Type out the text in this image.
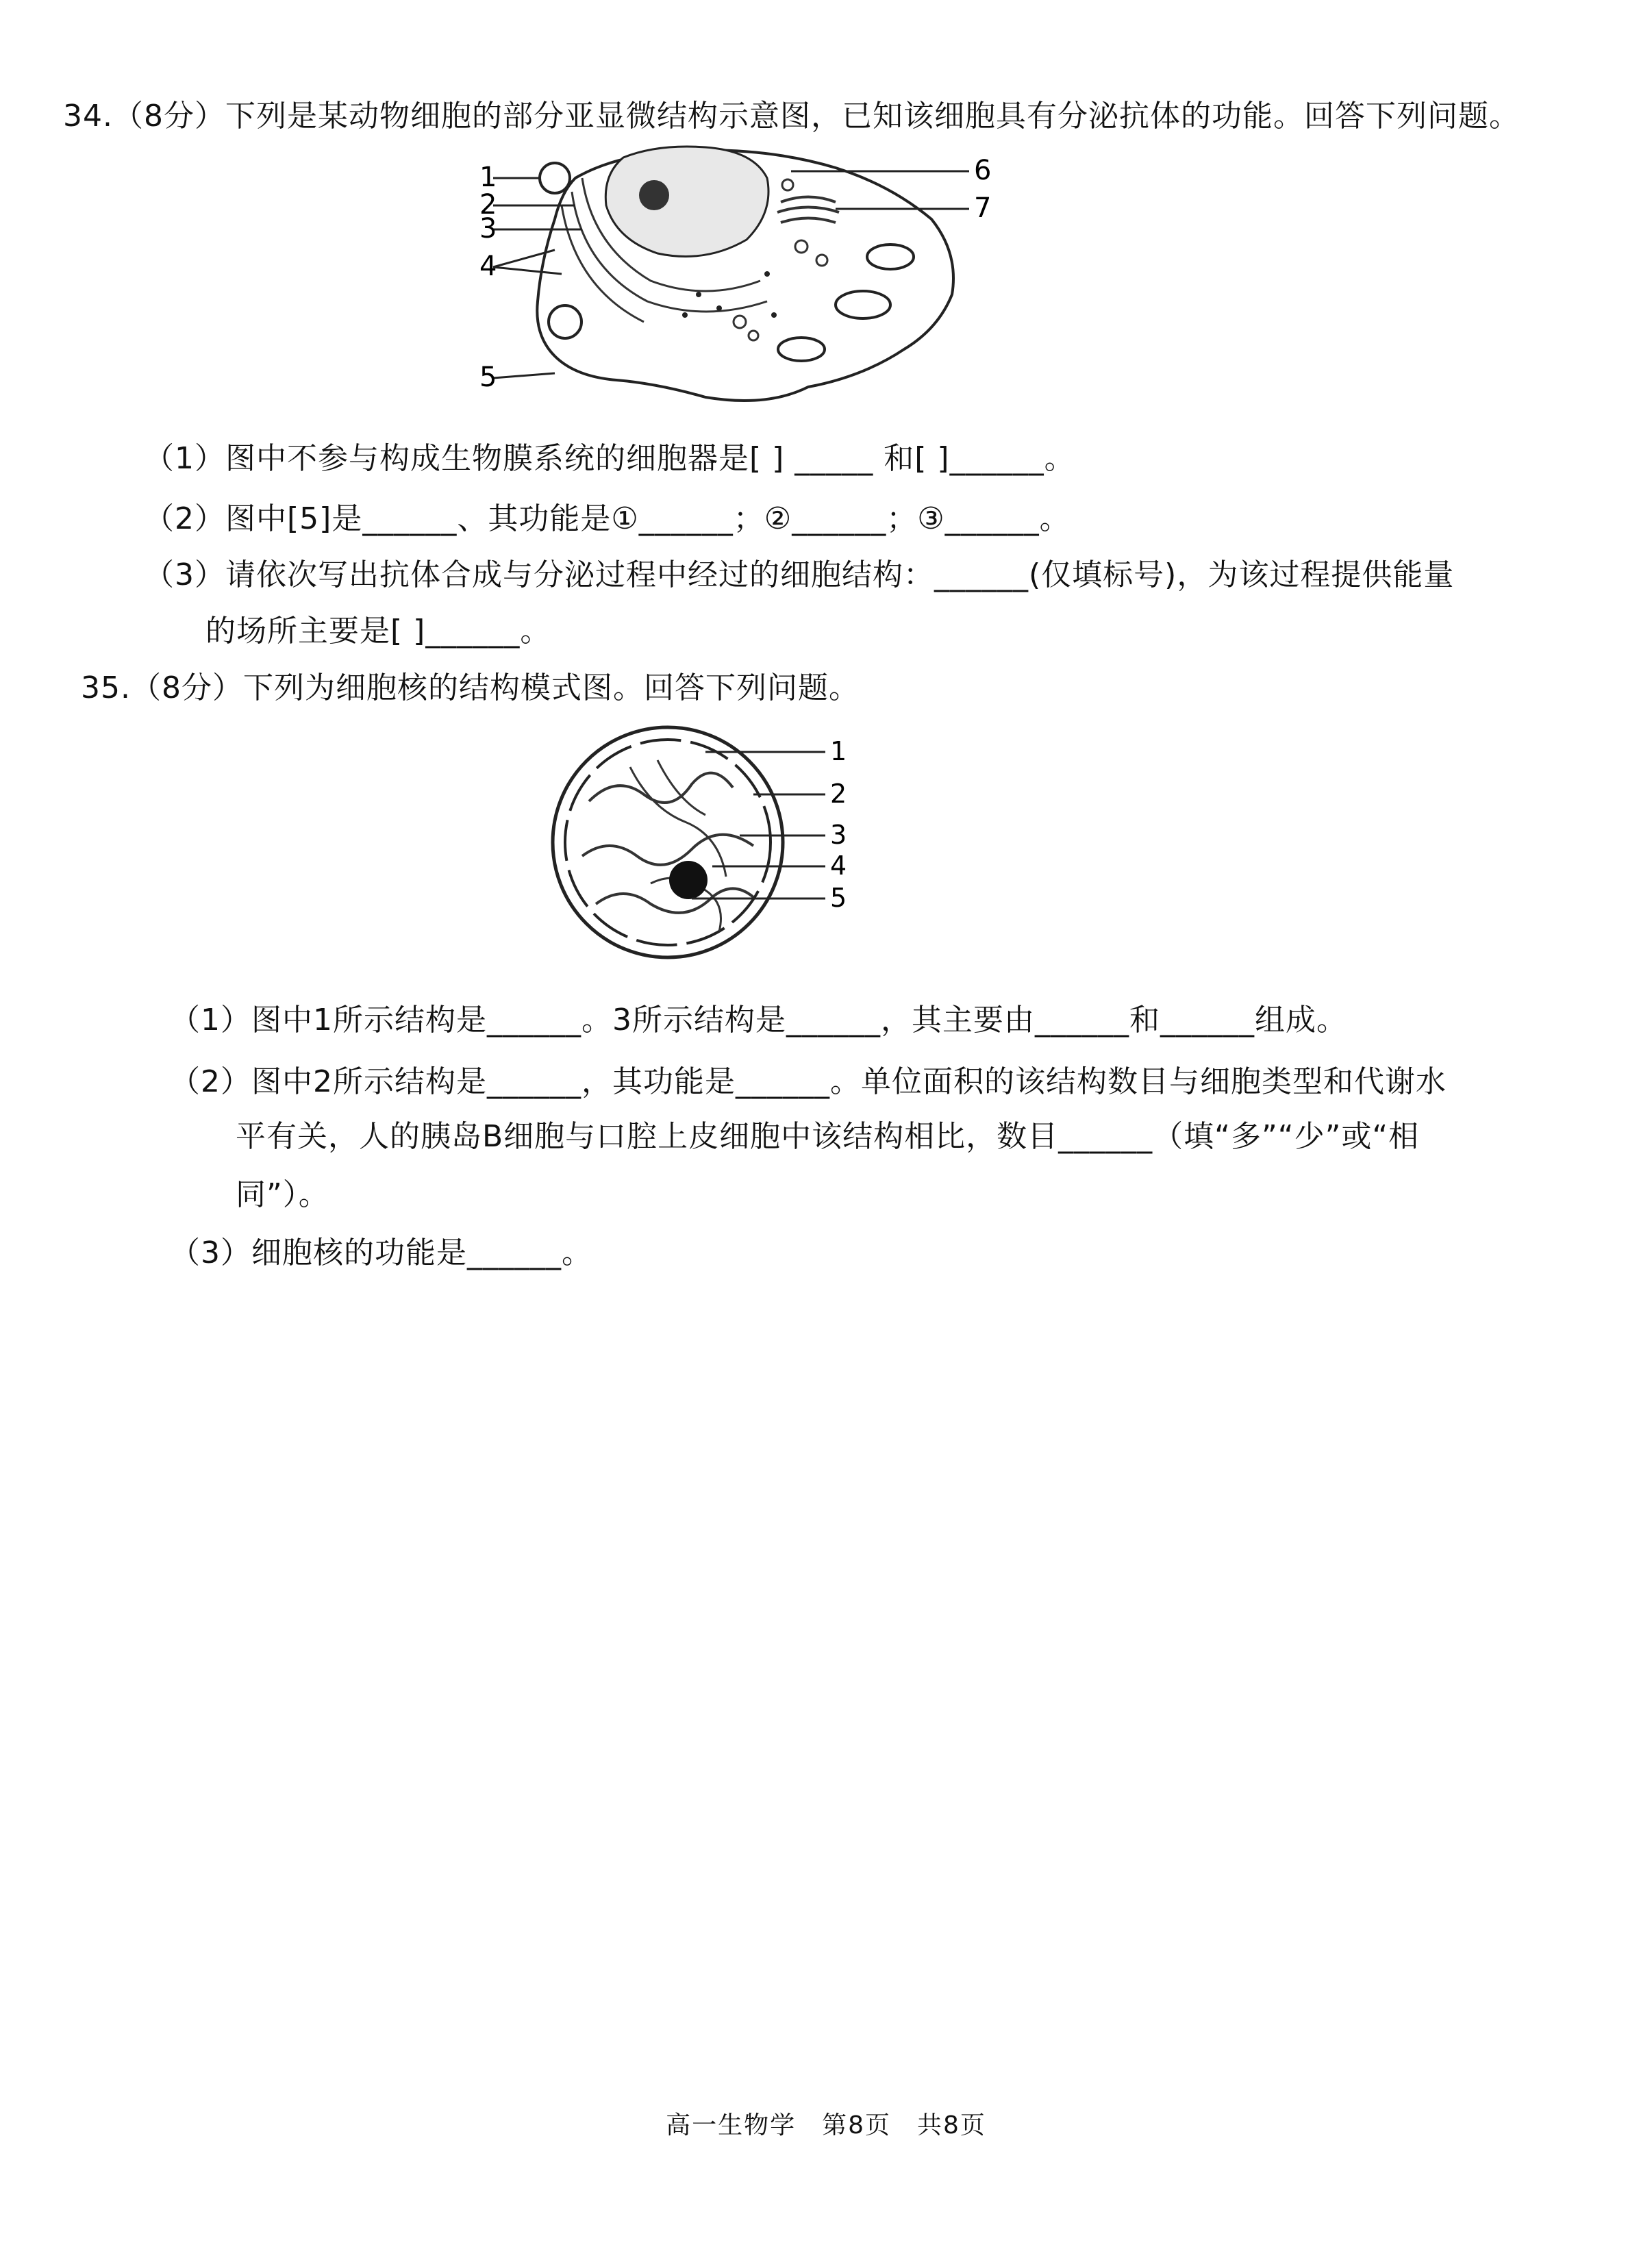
34.（8分）下列是某动物细胞的部分亚显微结构示意图，已知该细胞具有分泌抗体的功能。回答下列问题。
1
2
3
4
5
6
7
（1）图中不参与构成生物膜系统的细胞器是[ ] _____ 和[ ]______。
（2）图中[5]是______、其功能是①______；②______；③______。
（3）请依次写出抗体合成与分泌过程中经过的细胞结构：______(仅填标号)，为该过程提供能量
的场所主要是[ ]______。
35.（8分）下列为细胞核的结构模式图。回答下列问题。
1
2
3
4
5
（1）图中1所示结构是______。3所示结构是______，其主要由______和______组成。
（2）图中2所示结构是______，其功能是______。单位面积的该结构数目与细胞类型和代谢水
平有关，人的胰岛B细胞与口腔上皮细胞中该结构相比，数目______（填“多”“少”或“相
同”）。
（3）细胞核的功能是______。
高一生物学　第8页　共8页
